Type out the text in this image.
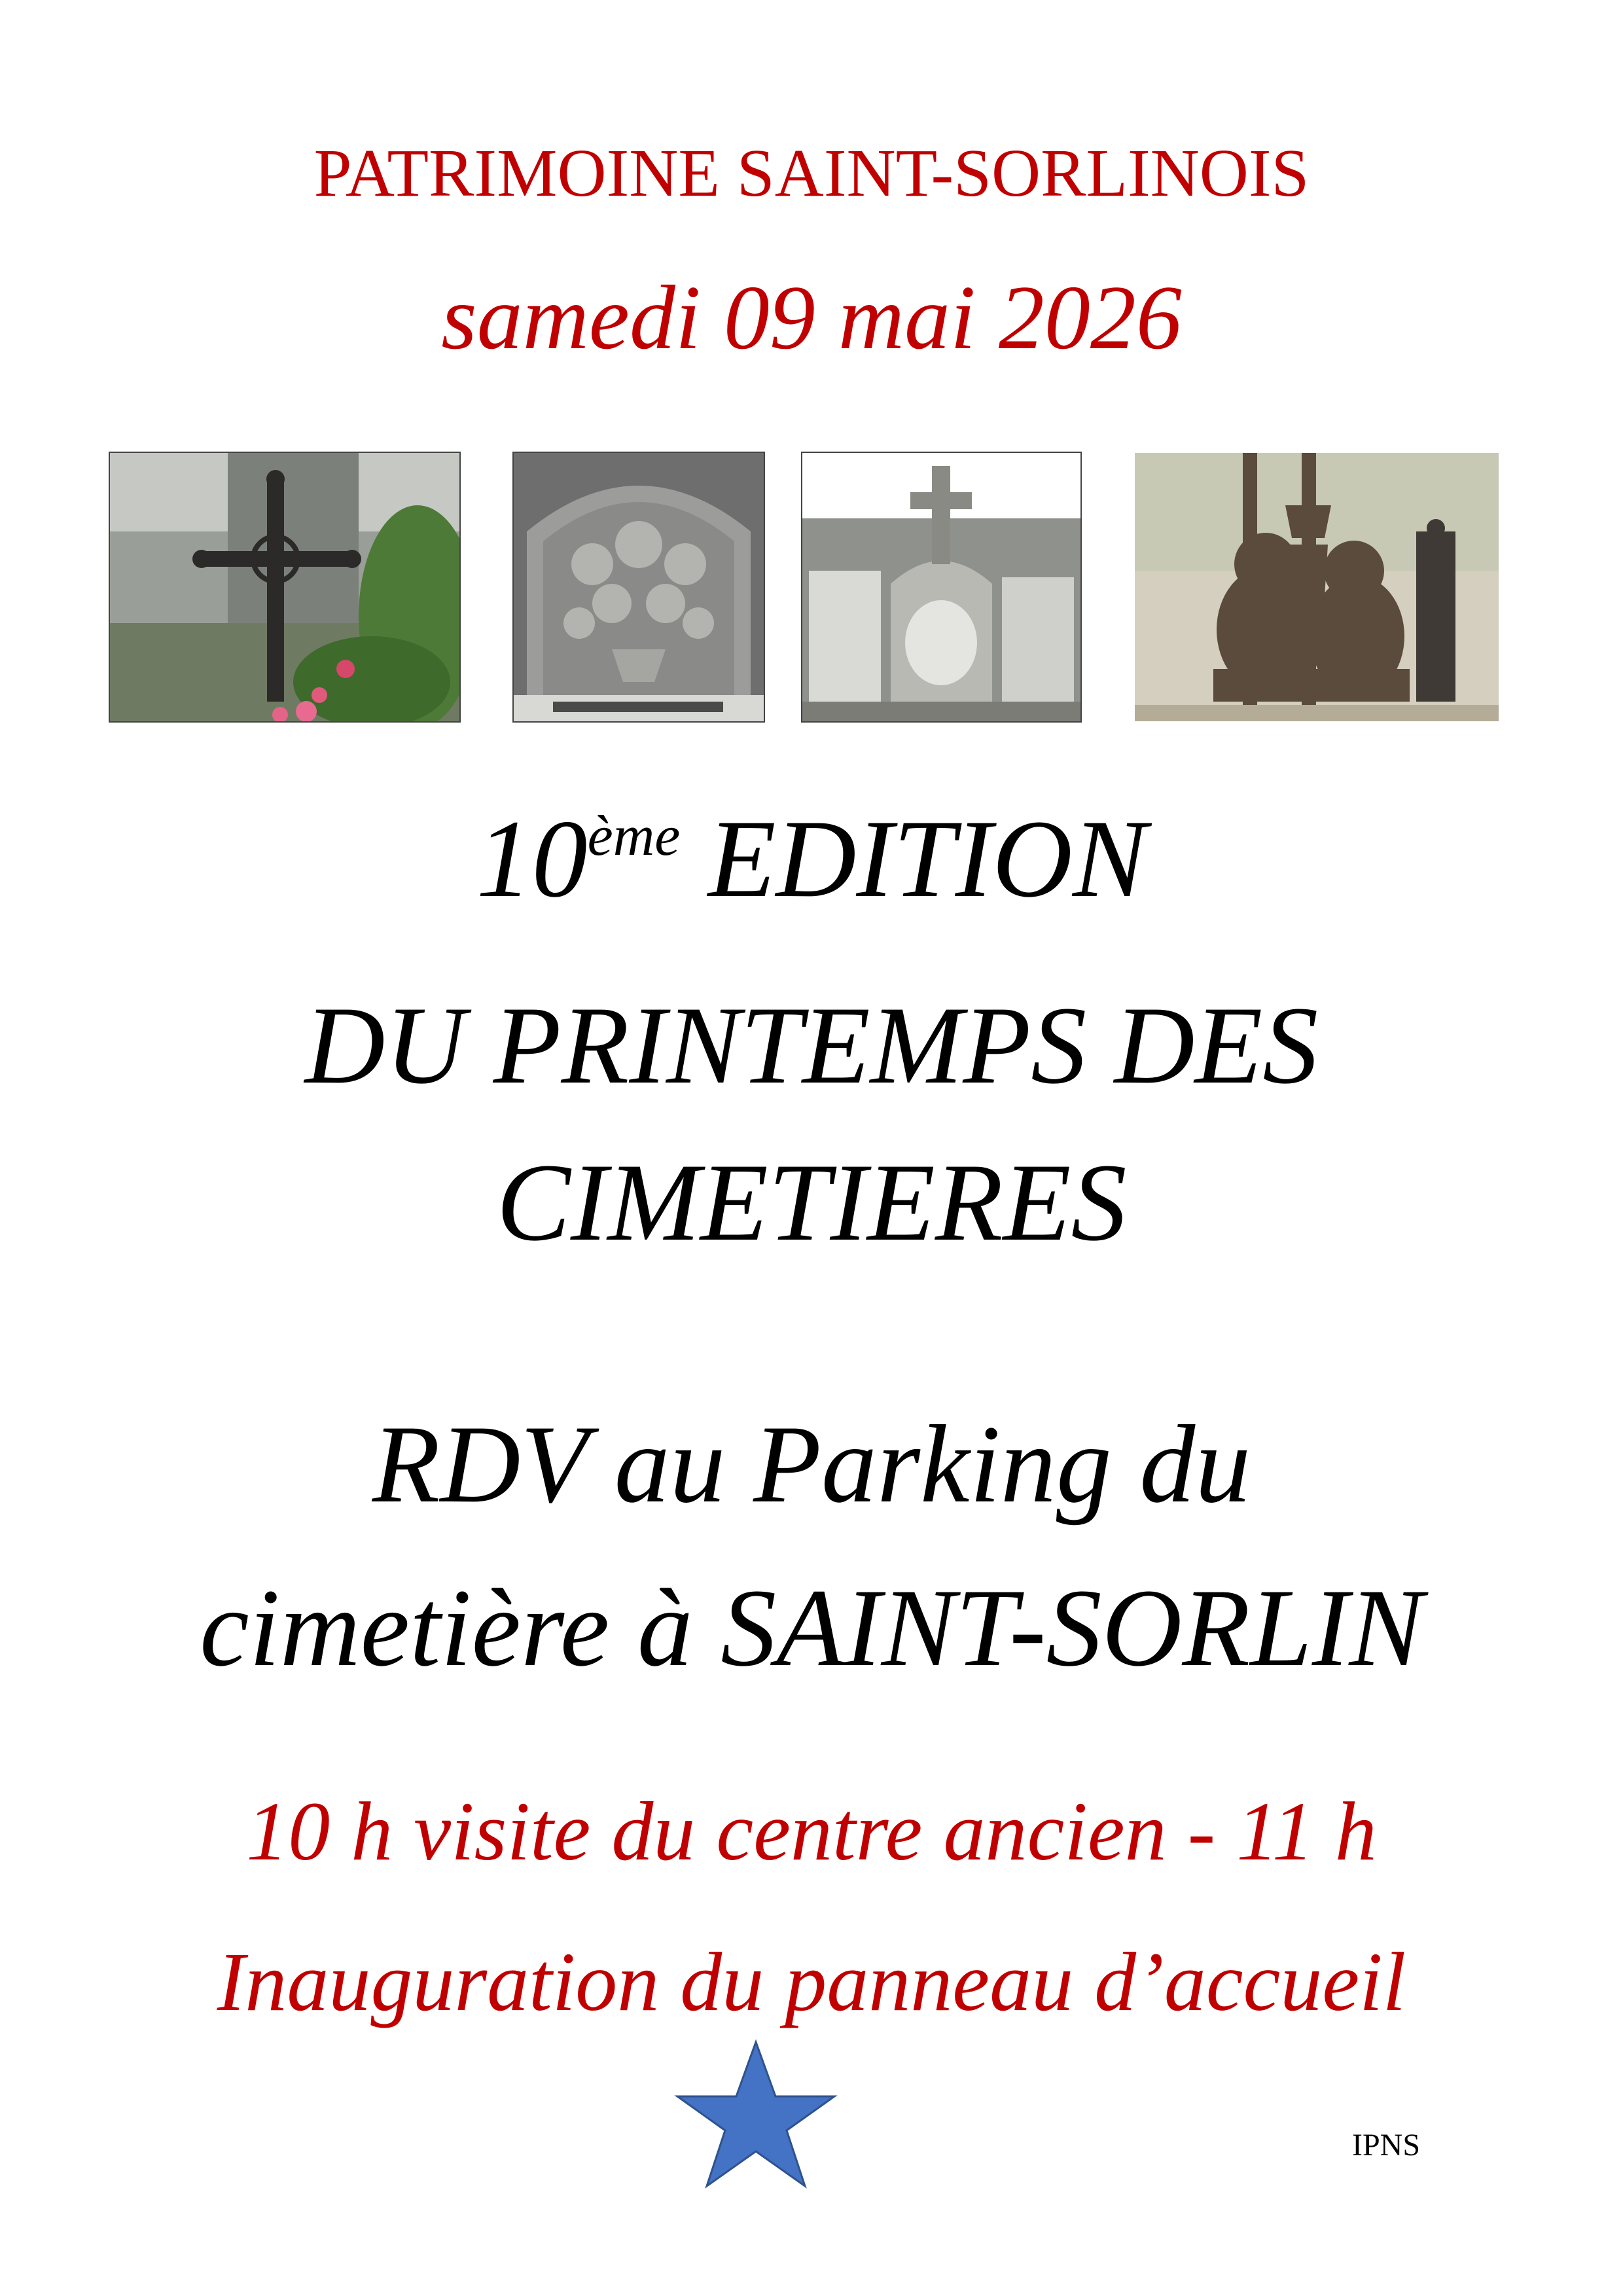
PATRIMOINE SAINT-SORLINOIS
samedi 09 mai 2026
10ème EDITION
DU PRINTEMPS DES
CIMETIERES
RDV au Parking du
cimetière à SAINT-SORLIN
10 h visite du centre ancien - 11 h
Inauguration du panneau d’accueil
IPNS
